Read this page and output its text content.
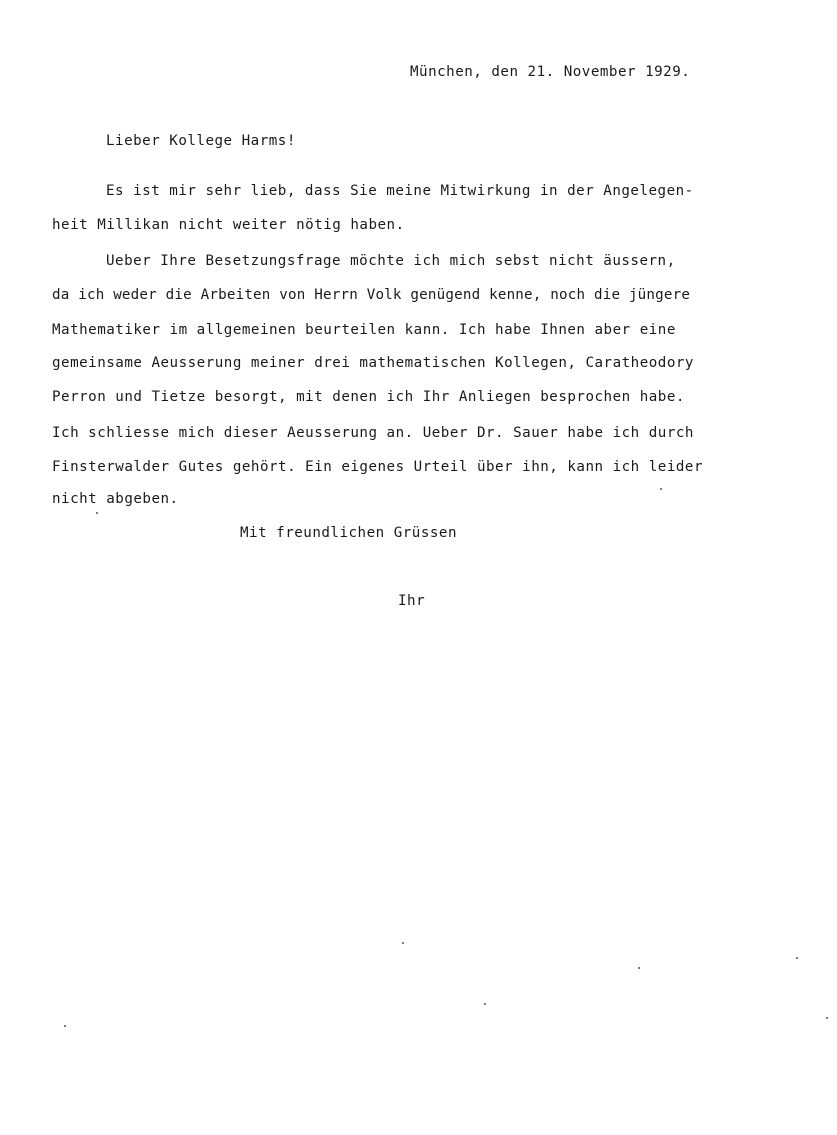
München, den 21. November 1929.
Lieber Kollege Harms!
Es ist mir sehr lieb, dass Sie meine Mitwirkung in der Angelegen-
heit Millikan nicht weiter nötig haben.
Ueber Ihre Besetzungsfrage möchte ich mich sebst nicht äussern,
da ich weder die Arbeiten von Herrn Volk genügend kenne, noch die jüngere
Mathematiker im allgemeinen beurteilen kann. Ich habe Ihnen aber eine
gemeinsame Aeusserung meiner drei mathematischen Kollegen, Caratheodory
Perron und Tietze besorgt, mit denen ich Ihr Anliegen besprochen habe.
Ich schliesse mich dieser Aeusserung an. Ueber Dr. Sauer habe ich durch
Finsterwalder Gutes gehört. Ein eigenes Urteil über ihn, kann ich leider
nicht abgeben.
Mit freundlichen Grüssen
Ihr
